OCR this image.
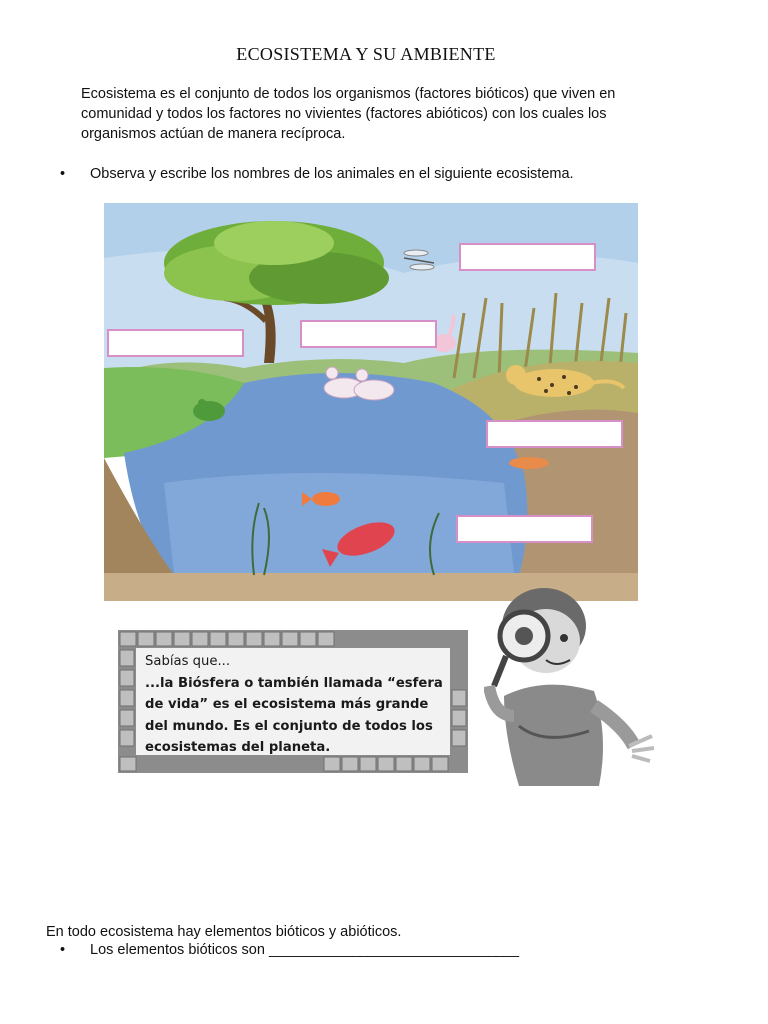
ECOSISTEMA Y SU AMBIENTE
Ecosistema es el conjunto de todos los organismos (factores bióticos) que viven en comunidad y todos los factores no vivientes (factores abióticos) con los cuales los organismos actúan de manera recíproca.
• Observa y escribe los nombres de los animales en el siguiente ecosistema.
Sabías que...
...la Biósfera o también llamada “esfera
de vida” es el ecosistema más grande
del mundo. Es el conjunto de todos los
ecosistemas del planeta.
En todo ecosistema hay elementos bióticos y abióticos.
• Los elementos bióticos son _________________________________
